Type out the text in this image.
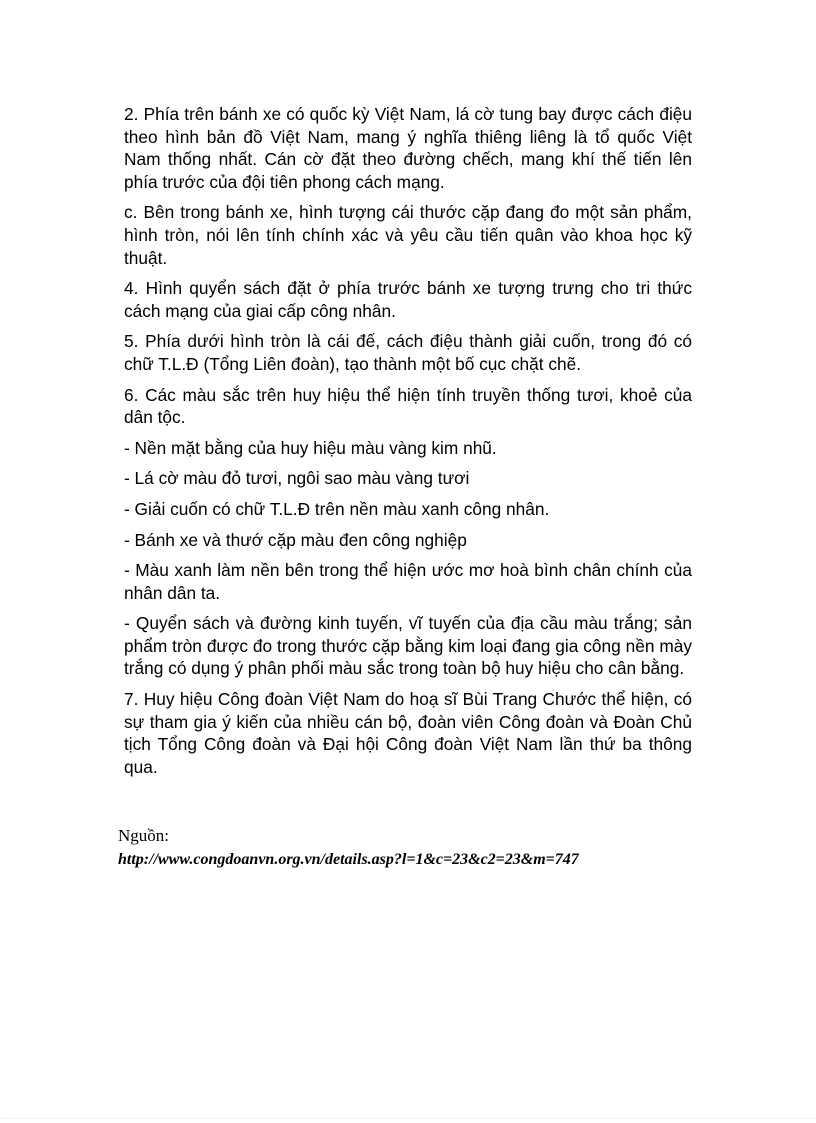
2. Phía trên bánh xe có quốc kỳ Việt Nam, lá cờ tung bay được cách điệu theo hình bản đồ Việt Nam, mang ý nghĩa thiêng liêng là tổ quốc Việt Nam thống nhất. Cán cờ đặt theo đường chếch, mang khí thế tiến lên phía trước của đội tiên phong cách mạng.

c. Bên trong bánh xe, hình tượng cái thước cặp đang đo một sản phẩm, hình tròn, nói lên tính chính xác và yêu cầu tiến quân vào khoa học kỹ thuật.

4. Hình quyển sách đặt ở phía trước bánh xe tượng trưng cho tri thức cách mạng của giai cấp công nhân.

5. Phía dưới hình tròn là cái đế, cách điệu thành giải cuốn, trong đó có chữ T.L.Đ (Tổng Liên đoàn), tạo thành một bố cục chặt chẽ.

6. Các màu sắc trên huy hiệu thể hiện tính truyền thống tươi, khoẻ của dân tộc.

- Nền mặt bằng của huy hiệu màu vàng kim nhũ.

- Lá cờ màu đỏ tươi, ngôi sao màu vàng tươi

- Giải cuốn có chữ T.L.Đ trên nền màu xanh công nhân.

- Bánh xe và thướ cặp màu đen công nghiệp

- Màu xanh làm nền bên trong thể hiện ước mơ hoà bình chân chính của nhân dân ta.

- Quyển sách và đường kinh tuyến, vĩ tuyến của địa cầu màu trắng; sản phẩm tròn được đo trong thước cặp bằng kim loại đang gia công nền mày trắng có dụng ý phân phối màu sắc trong toàn bộ huy hiệu cho cân bằng.

7. Huy hiệu Công đoàn Việt Nam do hoạ sĩ Bùi Trang Chước thể hiện, có sự tham gia ý kiến của nhiều cán bộ, đoàn viên Công đoàn và Đoàn Chủ tịch Tổng Công đoàn và Đại hội Công đoàn Việt Nam lần thứ ba thông qua.

Nguồn:

http://www.congdoanvn.org.vn/details.asp?l=1&c=23&c2=23&m=747
